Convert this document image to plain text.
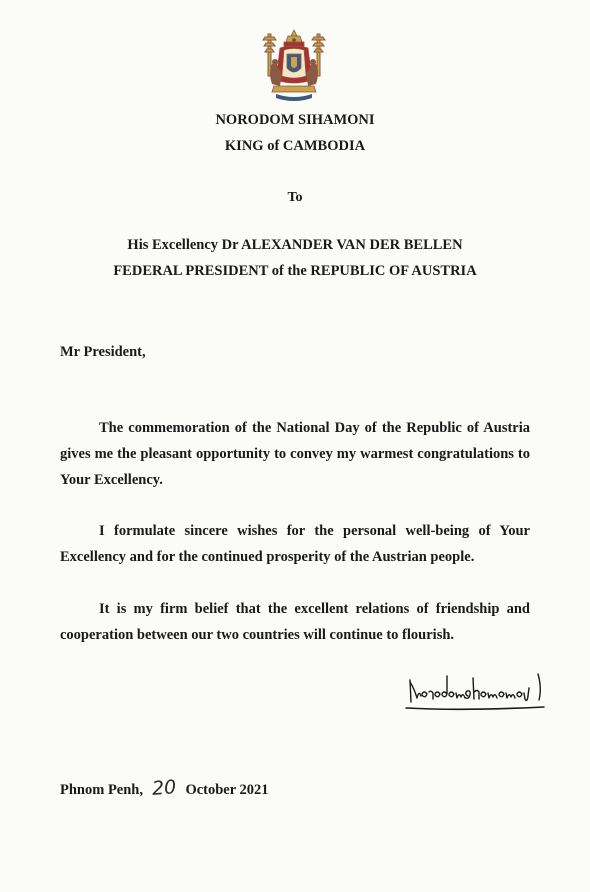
NORODOM SIHAMONI
KING of CAMBODIA
To
His Excellency Dr ALEXANDER VAN DER BELLEN
FEDERAL PRESIDENT of the REPUBLIC OF AUSTRIA
Mr President,

The commemoration of the National Day of the Republic of Austria gives me the pleasant opportunity to convey my warmest congratulations to Your Excellency.

I formulate sincere wishes for the personal well-being of Your Excellency and for the continued prosperity of the Austrian people.

It is my firm belief that the excellent relations of friendship and cooperation between our two countries will continue to flourish.

Phnom Penh, 20 October 2021
